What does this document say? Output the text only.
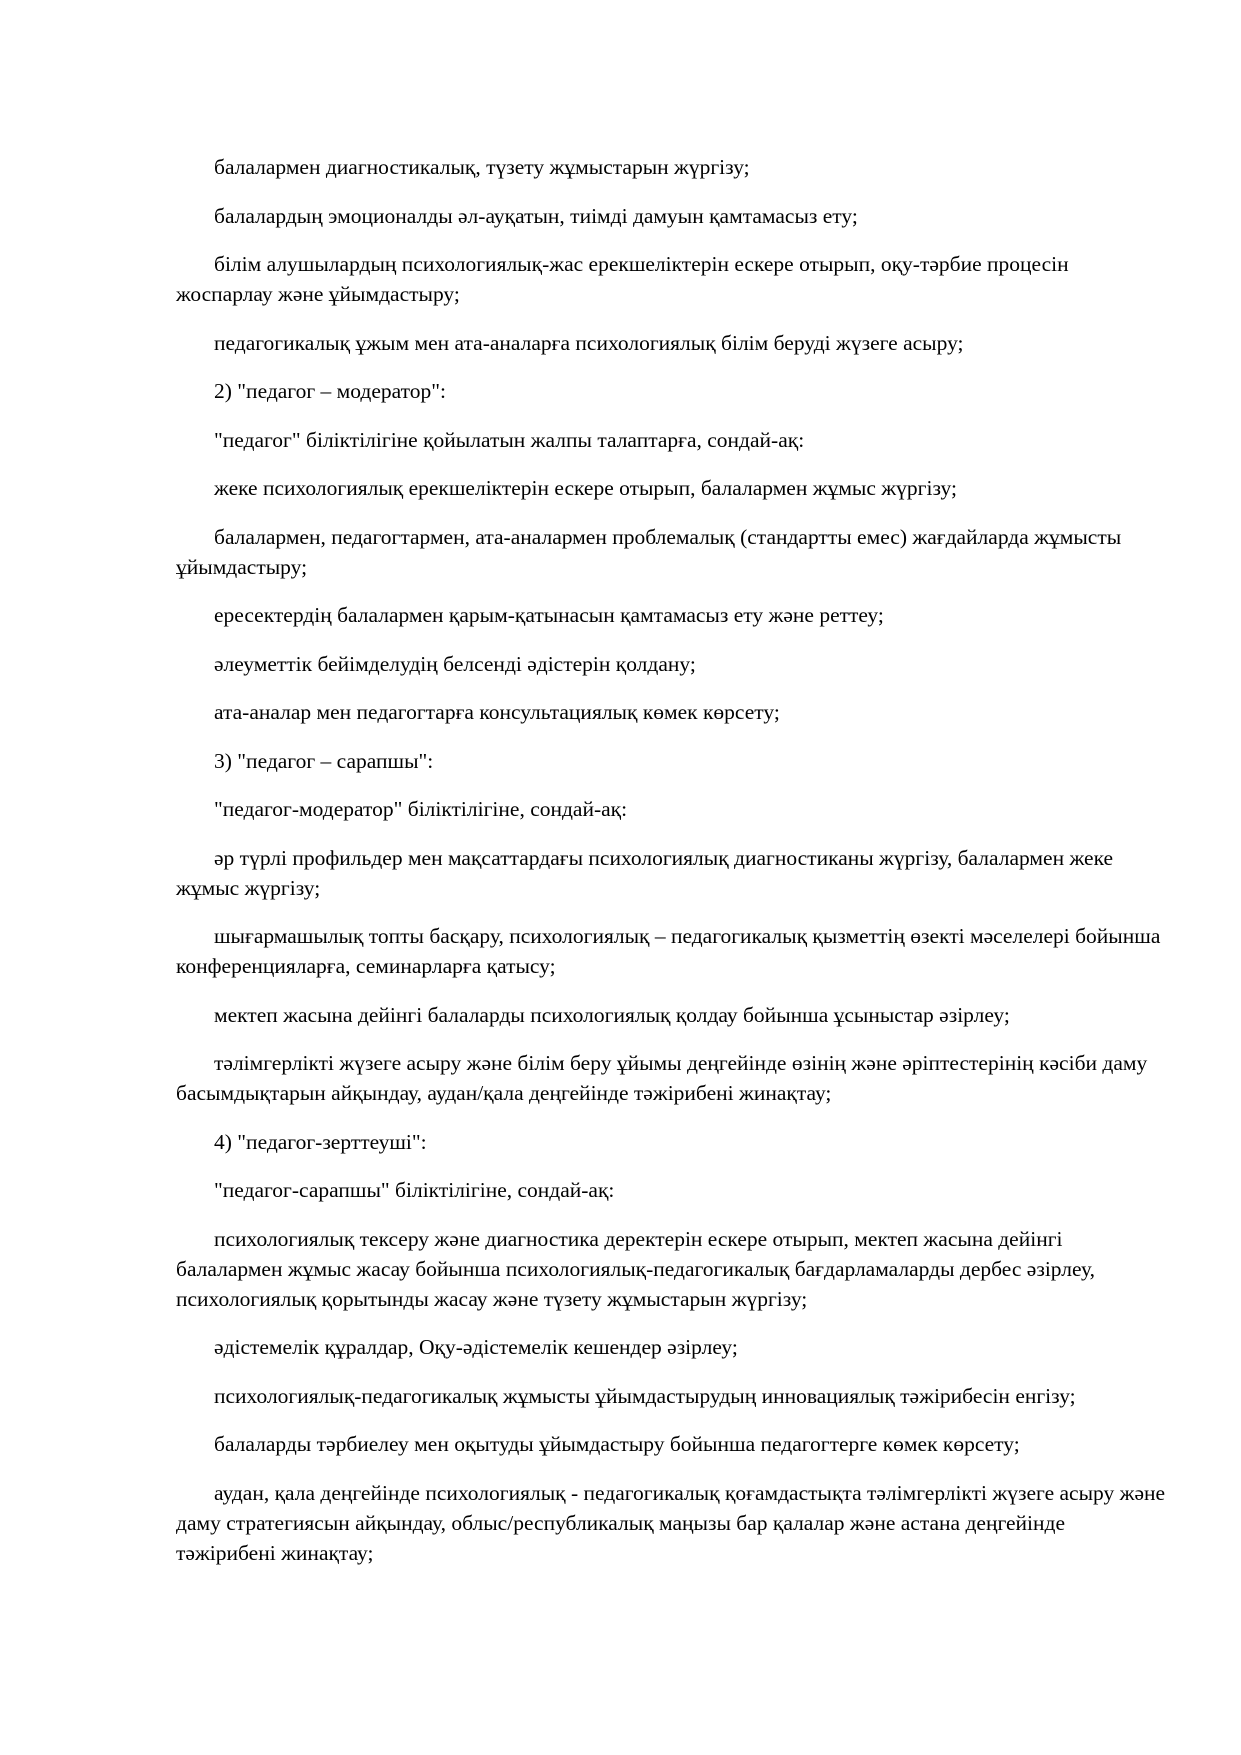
балалармен диагностикалық, түзету жұмыстарын жүргізу;

балалардың эмоционалды әл-ауқатын, тиімді дамуын қамтамасыз ету;

білім алушылардың психологиялық-жас ерекшеліктерін ескере отырып, оқу-тәрбие процесін жоспарлау және ұйымдастыру;

педагогикалық ұжым мен ата-аналарға психологиялық білім беруді жүзеге асыру;

2) "педагог – модератор":

"педагог" біліктілігіне қойылатын жалпы талаптарға, сондай-ақ:

жеке психологиялық ерекшеліктерін ескере отырып, балалармен жұмыс жүргізу;

балалармен, педагогтармен, ата-аналармен проблемалық (стандартты емес) жағдайларда жұмысты ұйымдастыру;

ересектердің балалармен қарым-қатынасын қамтамасыз ету және реттеу;

әлеуметтік бейімделудің белсенді әдістерін қолдану;

ата-аналар мен педагогтарға консультациялық көмек көрсету;

3) "педагог – сарапшы":

"педагог-модератор" біліктілігіне, сондай-ақ:

әр түрлі профильдер мен мақсаттардағы психологиялық диагностиканы жүргізу, балалармен жеке жұмыс жүргізу;

шығармашылық топты басқару, психологиялық – педагогикалық қызметтің өзекті мәселелері бойынша конференцияларға, семинарларға қатысу;

мектеп жасына дейінгі балаларды психологиялық қолдау бойынша ұсыныстар әзірлеу;

тәлімгерлікті жүзеге асыру және білім беру ұйымы деңгейінде өзінің және әріптестерінің кәсіби даму басымдықтарын айқындау, аудан/қала деңгейінде тәжірибені жинақтау;

4) "педагог-зерттеуші":

"педагог-сарапшы" біліктілігіне, сондай-ақ:

психологиялық тексеру және диагностика деректерін ескере отырып, мектеп жасына дейінгі балалармен жұмыс жасау бойынша психологиялық-педагогикалық бағдарламаларды дербес әзірлеу, психологиялық қорытынды жасау және түзету жұмыстарын жүргізу;

әдістемелік құралдар, Оқу-әдістемелік кешендер әзірлеу;

психологиялық-педагогикалық жұмысты ұйымдастырудың инновациялық тәжірибесін енгізу;

балаларды тәрбиелеу мен оқытуды ұйымдастыру бойынша педагогтерге көмек көрсету;

аудан, қала деңгейінде психологиялық - педагогикалық қоғамдастықта тәлімгерлікті жүзеге асыру және даму стратегиясын айқындау, облыс/республикалық маңызы бар қалалар және астана деңгейінде тәжірибені жинақтау;
